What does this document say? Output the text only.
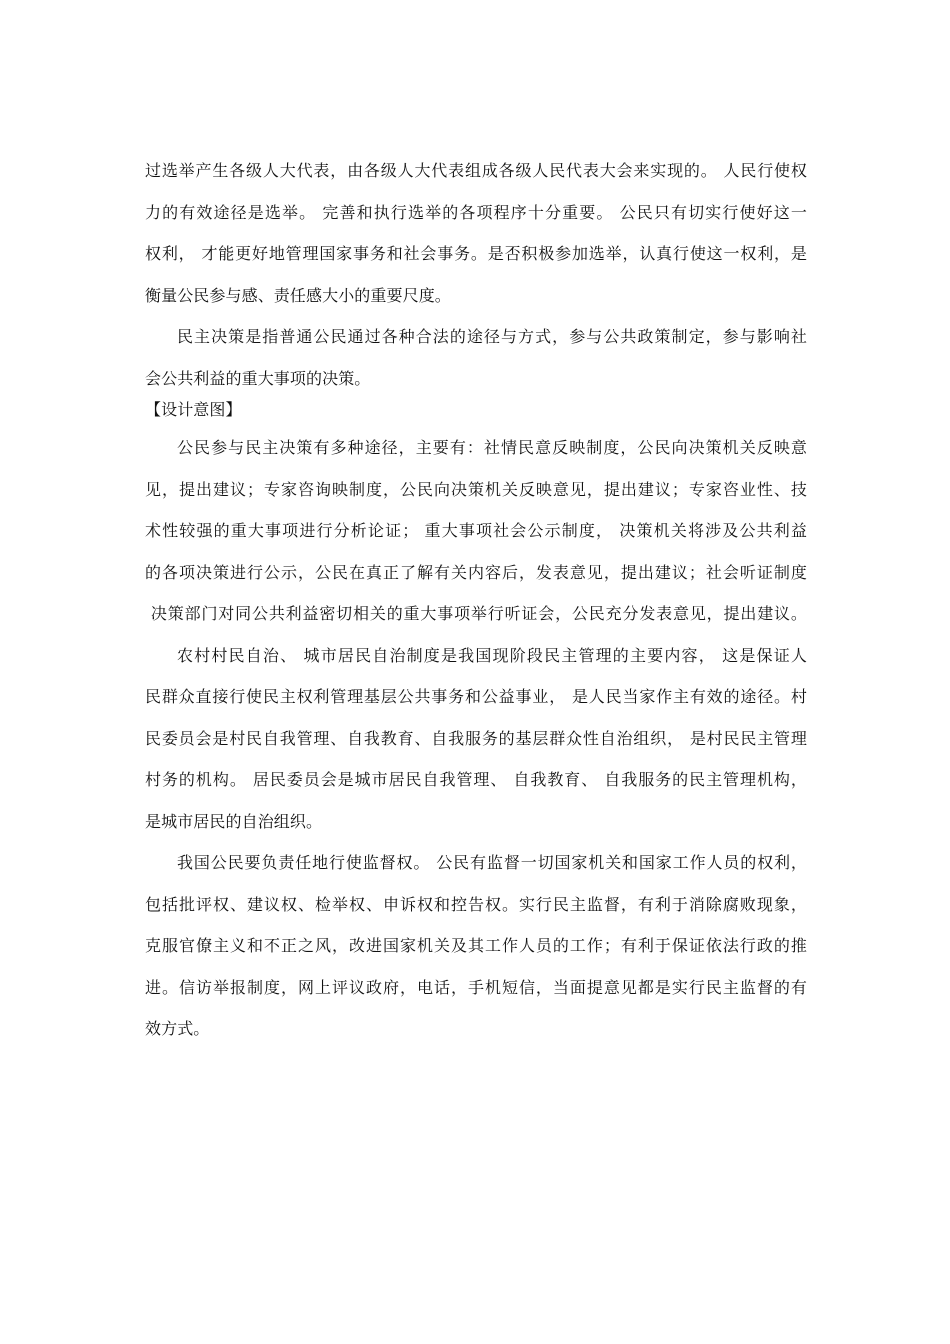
过选举产生各级人大代表，由各级人大代表组成各级人民代表大会来实现的。 人民行使权
力的有效途径是选举。 完善和执行选举的各项程序十分重要。 公民只有切实行使好这一
权利， 才能更好地管理国家事务和社会事务。是否积极参加选举，认真行使这一权利，是
衡量公民参与感、责任感大小的重要尺度。
民主决策是指普通公民通过各种合法的途径与方式，参与公共政策制定，参与影响社
会公共利益的重大事项的决策。
【设计意图】
公民参与民主决策有多种途径，主要有：社情民意反映制度，公民向决策机关反映意
见，提出建议；专家咨询映制度，公民向决策机关反映意见，提出建议；专家咨业性、技
术性较强的重大事项进行分析论证； 重大事项社会公示制度， 决策机关将涉及公共利益
的各项决策进行公示，公民在真正了解有关内容后，发表意见，提出建议；社会听证制度
决策部门对同公共利益密切相关的重大事项举行听证会，公民充分发表意见，提出建议。
农村村民自治、 城市居民自治制度是我国现阶段民主管理的主要内容， 这是保证人
民群众直接行使民主权利管理基层公共事务和公益事业， 是人民当家作主有效的途径。村
民委员会是村民自我管理、自我教育、自我服务的基层群众性自治组织， 是村民民主管理
村务的机构。 居民委员会是城市居民自我管理、 自我教育、 自我服务的民主管理机构，
是城市居民的自治组织。
我国公民要负责任地行使监督权。 公民有监督一切国家机关和国家工作人员的权利，
包括批评权、建议权、检举权、申诉权和控告权。实行民主监督，有利于消除腐败现象，
克服官僚主义和不正之风，改进国家机关及其工作人员的工作；有利于保证依法行政的推
进。信访举报制度，网上评议政府，电话，手机短信，当面提意见都是实行民主监督的有
效方式。
